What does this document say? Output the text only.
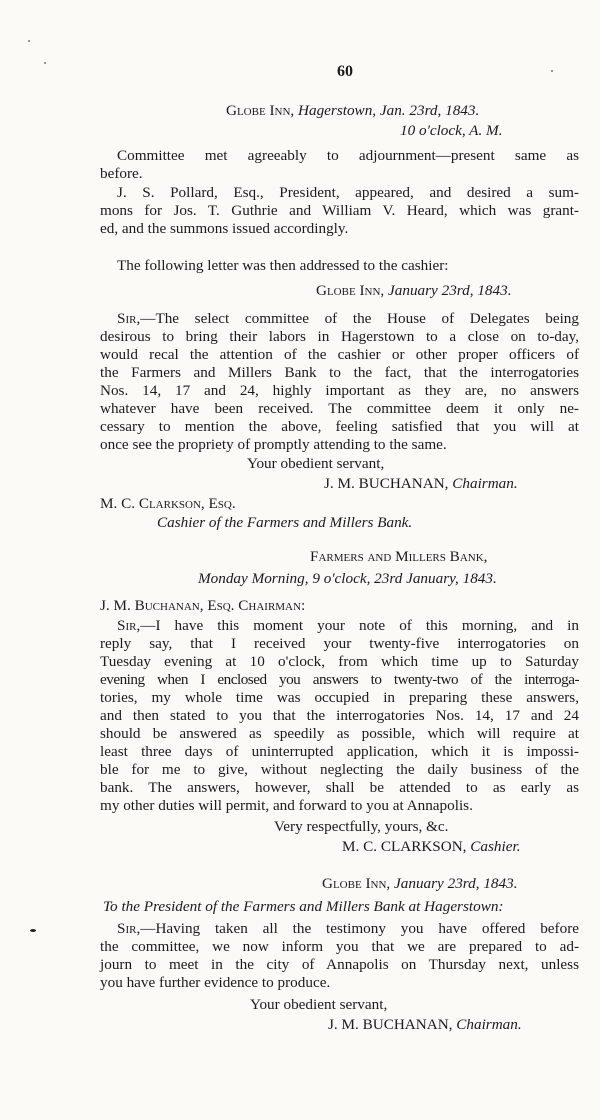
60
Globe Inn, Hagerstown, Jan. 23rd, 1843.
10 o'clock, A. M.
Committee met agreeably to adjournment—present same as
before.
J. S. Pollard, Esq., President, appeared, and desired a sum-
mons for Jos. T. Guthrie and William V. Heard, which was grant-
ed, and the summons issued accordingly.
The following letter was then addressed to the cashier:
Globe Inn, January 23rd, 1843.
Sir,—The select committee of the House of Delegates being
desirous to bring their labors in Hagerstown to a close on to-day,
would recal the attention of the cashier or other proper officers of
the Farmers and Millers Bank to the fact, that the interrogatories
Nos. 14, 17 and 24, highly important as they are, no answers
whatever have been received. The committee deem it only ne-
cessary to mention the above, feeling satisfied that you will at
once see the propriety of promptly attending to the same.
Your obedient servant,
J. M. BUCHANAN, Chairman.
M. C. Clarkson, Esq.
Cashier of the Farmers and Millers Bank.
Farmers and Millers Bank,
Monday Morning, 9 o'clock, 23rd January, 1843.
J. M. Buchanan, Esq. Chairman:
Sir,—I have this moment your note of this morning, and in
reply say, that I received your twenty-five interrogatories on
Tuesday evening at 10 o'clock, from which time up to Saturday
evening when I enclosed you answers to twenty-two of the interroga-
tories, my whole time was occupied in preparing these answers,
and then stated to you that the interrogatories Nos. 14, 17 and 24
should be answered as speedily as possible, which will require at
least three days of uninterrupted application, which it is impossi-
ble for me to give, without neglecting the daily business of the
bank. The answers, however, shall be attended to as early as
my other duties will permit, and forward to you at Annapolis.
Very respectfully, yours, &c.
M. C. CLARKSON, Cashier.
Globe Inn, January 23rd, 1843.
To the President of the Farmers and Millers Bank at Hagerstown:
Sir,—Having taken all the testimony you have offered before
the committee, we now inform you that we are prepared to ad-
journ to meet in the city of Annapolis on Thursday next, unless
you have further evidence to produce.
Your obedient servant,
J. M. BUCHANAN, Chairman.
